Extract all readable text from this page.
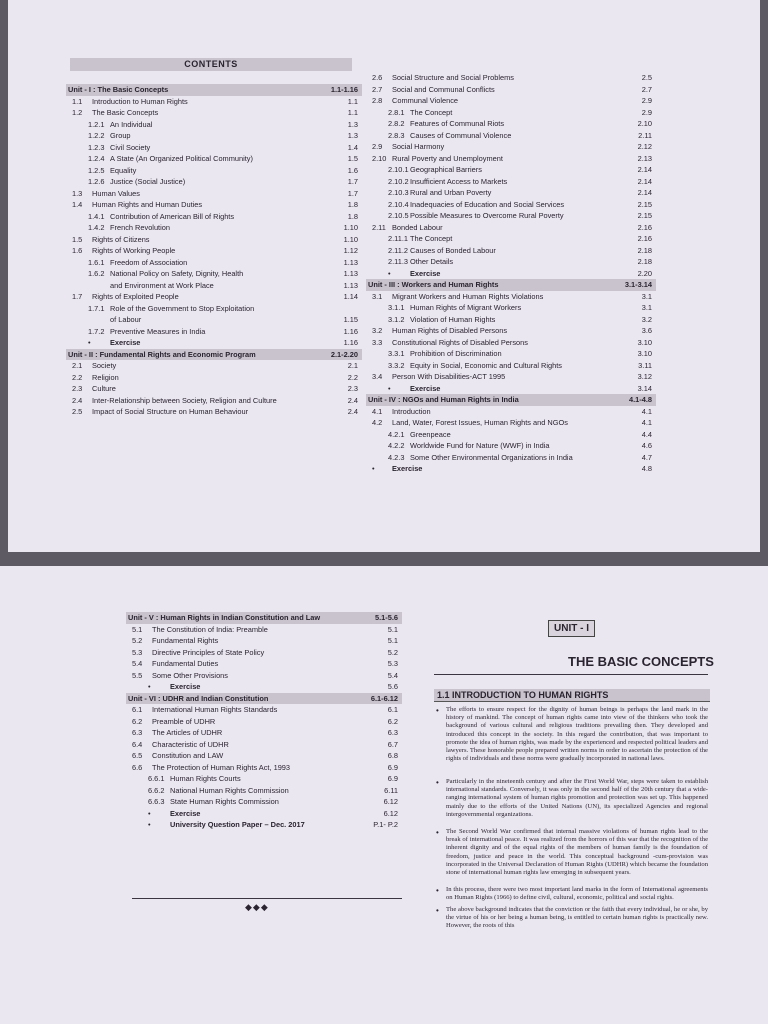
CONTENTS
Unit - I : The Basic Concepts	1.1-1.16
1.1 Introduction to Human Rights	1.1
1.2 The Basic Concepts	1.1
1.2.1 An Individual	1.3
1.2.2 Group	1.3
1.2.3 Civil Society	1.4
1.2.4 A State (An Organized Political Community)	1.5
1.2.5 Equality	1.6
1.2.6 Justice (Social Justice)	1.7
1.3 Human Values	1.7
1.4 Human Rights and Human Duties	1.8
1.4.1 Contribution of American Bill of Rights	1.8
1.4.2 French Revolution	1.10
1.5 Rights of Citizens	1.10
1.6 Rights of Working People	1.12
1.6.1 Freedom of Association	1.13
1.6.2 National Policy on Safety, Dignity, Health	1.13
and Environment at Work Place	1.13
1.7 Rights of Exploited People	1.14
1.7.1 Role of the Government to Stop Exploitation
of Labour	1.15
1.7.2 Preventive Measures in India	1.16
•	Exercise	1.16
Unit - II : Fundamental Rights and Economic Program	2.1-2.20
2.1 Society	2.1
2.2 Religion	2.2
2.3 Culture	2.3
2.4 Inter-Relationship between Society, Religion and Culture	2.4
2.5 Impact of Social Structure on Human Behaviour	2.4
2.6 Social Structure and Social Problems	2.5
2.7 Social and Communal Conflicts	2.7
2.8 Communal Violence	2.9
2.8.1 The Concept	2.9
2.8.2 Features of Communal Riots	2.10
2.8.3 Causes of Communal Violence	2.11
2.9 Social Harmony	2.12
2.10 Rural Poverty and Unemployment	2.13
2.10.1 Geographical Barriers	2.14
2.10.2 Insufficient Access to Markets	2.14
2.10.3 Rural and Urban Poverty	2.14
2.10.4 Inadequacies of Education and Social Services	2.15
2.10.5 Possible Measures to Overcome Rural Poverty	2.15
2.11 Bonded Labour	2.16
2.11.1 The Concept	2.16
2.11.2 Causes of Bonded Labour	2.18
2.11.3 Other Details	2.18
•	Exercise	2.20
Unit - III : Workers and Human Rights	3.1-3.14
3.1 Migrant Workers and Human Rights Violations	3.1
3.1.1 Human Rights of Migrant Workers	3.1
3.1.2 Violation of Human Rights	3.2
3.2 Human Rights of Disabled Persons	3.6
3.3 Constitutional Rights of Disabled Persons	3.10
3.3.1 Prohibition of Discrimination	3.10
3.3.2 Equity in Social, Economic and Cultural Rights	3.11
3.4 Person With Disabilities-ACT 1995	3.12
•	Exercise	3.14
Unit - IV : NGOs and Human Rights in India	4.1-4.8
4.1 Introduction	4.1
4.2 Land, Water, Forest Issues, Human Rights and NGOs	4.1
4.2.1 Greenpeace	4.4
4.2.2 Worldwide Fund for Nature (WWF) in India	4.6
4.2.3 Some Other Environmental Organizations in India	4.7
• Exercise	4.8
Unit - V : Human Rights in Indian Constitution and Law	5.1-5.6
5.1 The Constitution of India: Preamble	5.1
5.2 Fundamental Rights	5.1
5.3 Directive Principles of State Policy	5.2
5.4 Fundamental Duties	5.3
5.5 Some Other Provisions	5.4
•	Exercise	5.6
Unit - VI : UDHR and Indian Constitution	6.1-6.12
6.1 International Human Rights Standards	6.1
6.2 Preamble of UDHR	6.2
6.3 The Articles of UDHR	6.3
6.4 Characteristic of UDHR	6.7
6.5 Constitution and LAW	6.8
6.6 The Protection of Human Rights Act, 1993	6.9
6.6.1 Human Rights Courts	6.9
6.6.2 National Human Rights Commission	6.11
6.6.3 State Human Rights Commission	6.12
•	Exercise	6.12
•	University Question Paper – Dec. 2017	P.1- P.2
◆◆◆
UNIT - I
THE BASIC CONCEPTS
1.1 INTRODUCTION TO HUMAN RIGHTS
• The efforts to ensure respect for the dignity of human beings is perhaps the land mark in the history of mankind. The concept of human rights came into view of the thinkers who took the background of various cultural and religious traditions prevailing then. They developed and introduced this concept in the society. In this regard the contribution, that was important to promote the idea of human rights, was made by the experienced and respected political leaders and lawyers. These honorable people prepared written norms in order to ascertain the protection of the rights of individuals and these norms were gradually incorporated in national laws.
• Particularly in the nineteenth century and after the First World War, steps were taken to establish international standards. Conversely, it was only in the second half of the 20th century that a wide-ranging international system of human rights promotion and protection was set up. This happened mainly due to the efforts of the United Nations (UN), its specialized Agencies and regional intergovernmental organizations.
• The Second World War confirmed that internal massive violations of human rights lead to the break of international peace. It was realized from the horrors of this war that the recognition of the inherent dignity and of the equal rights of the members of human family is the foundation of freedom, justice and peace in the world. This conceptual background -cum-provision was incorporated in the Universal Declaration of Human Rights (UDHR) which became the foundation stone of international human rights law emerging in subsequent years.
• In this process, there were two most important land marks in the form of International agreements on Human Rights (1966) to define civil, cultural, economic, political and social rights.
• The above background indicates that the conviction or the faith that every individual, he or she, by the virtue of his or her being a human being, is entitled to certain human rights is practically new. However, the roots of this
